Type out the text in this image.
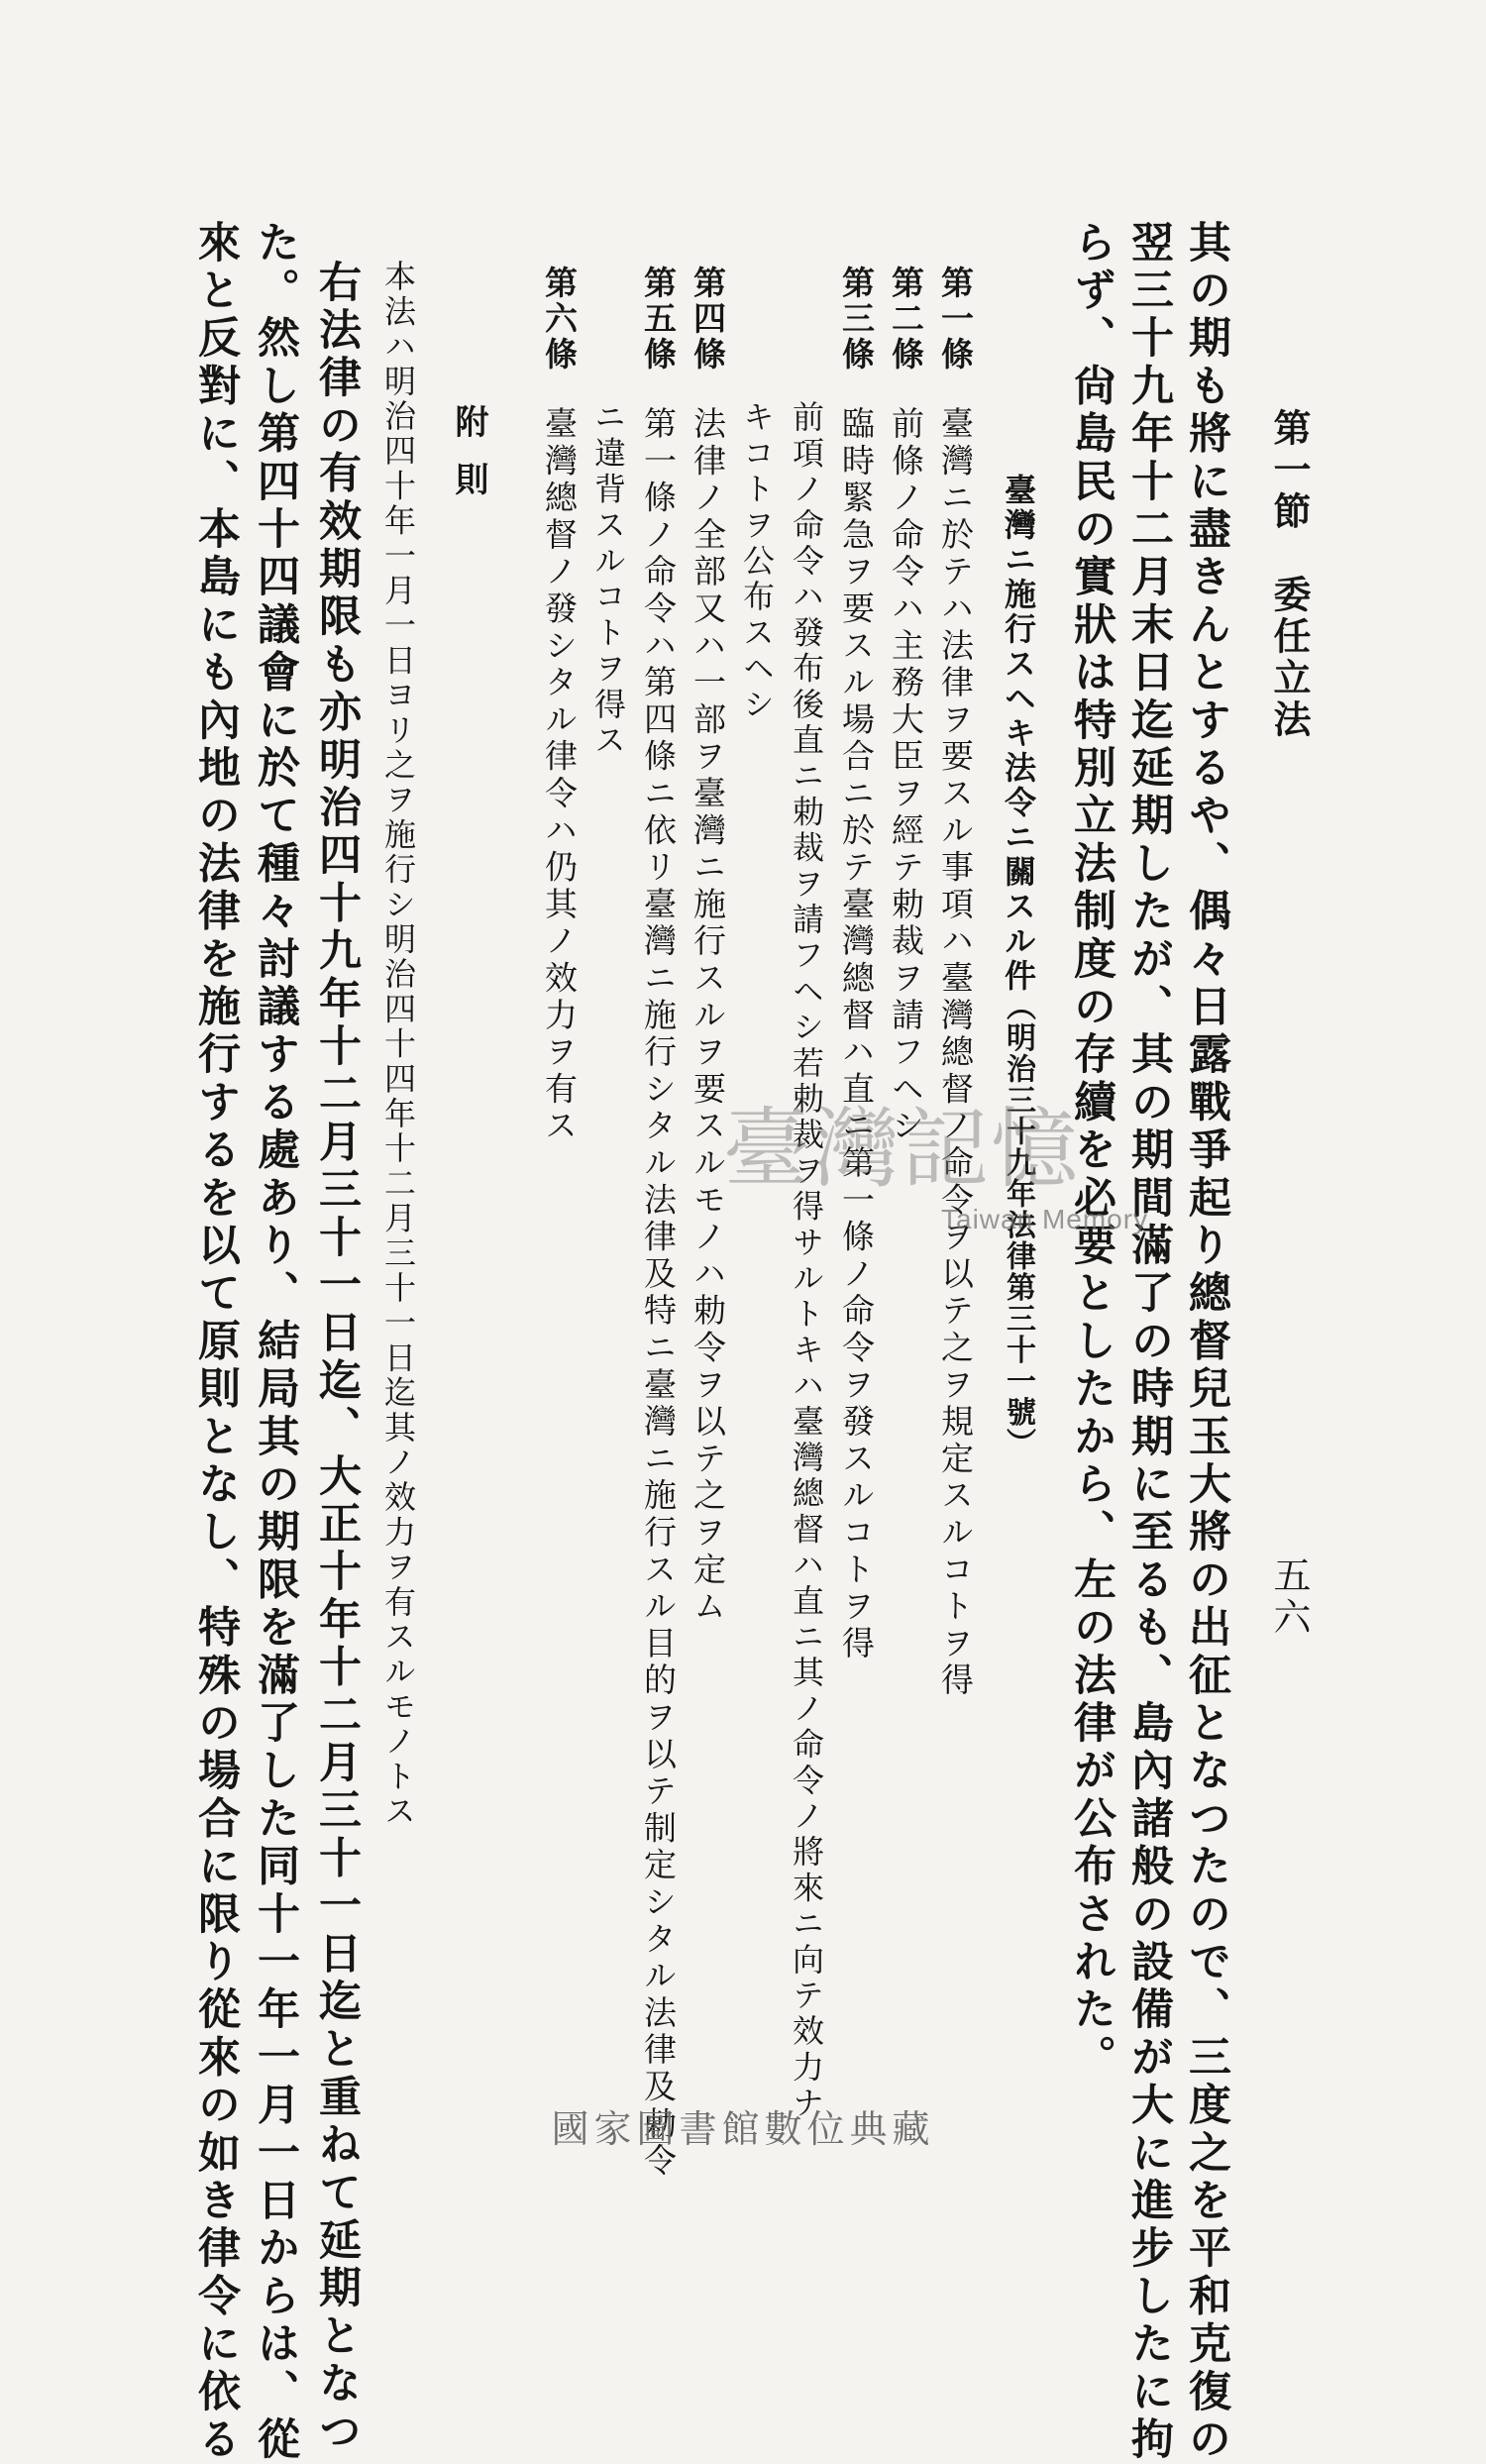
第一節　委任立法
五六
其の期も將に盡きんとするや、偶々日露戰爭起り總督兒玉大將の出征となつたので、三度之を平和克復の
翌三十九年十二月末日迄延期したが、其の期間滿了の時期に至るも、島內諸般の設備が大に進步したに拘
らず、尙島民の實狀は特別立法制度の存續を必要としたから、左の法律が公布された。
臺灣ニ施行スヘキ法令ニ關スル件
（明治三十九年法律第三十一號）
第一條臺灣ニ於テハ法律ヲ要スル事項ハ臺灣總督ノ命令ヲ以テ之ヲ規定スルコトヲ得
第二條前條ノ命令ハ主務大臣ヲ經テ勅裁ヲ請フヘシ
第三條臨時緊急ヲ要スル場合ニ於テ臺灣總督ハ直ニ第一條ノ命令ヲ發スルコトヲ得
前項ノ命令ハ發布後直ニ勅裁ヲ請フヘシ若勅裁ヲ得サルトキハ臺灣總督ハ直ニ其ノ命令ノ將來ニ向テ效力ナ
キコトヲ公布スヘシ
第四條法律ノ全部又ハ一部ヲ臺灣ニ施行スルヲ要スルモノハ勅令ヲ以テ之ヲ定ム
第五條第一條ノ命令ハ第四條ニ依リ臺灣ニ施行シタル法律及特ニ臺灣ニ施行スル目的ヲ以テ制定シタル法律及勅令
ニ違背スルコトヲ得ス
第六條臺灣總督ノ發シタル律令ハ仍其ノ效力ヲ有ス
附則
本法ハ明治四十年一月一日ヨリ之ヲ施行シ明治四十四年十二月三十一日迄其ノ效力ヲ有スルモノトス
右法律の有效期限も亦明治四十九年十二月三十一日迄、大正十年十二月三十一日迄と重ねて延期となつ
た。然し第四十四議會に於て種々討議する處あり、結局其の期限を滿了した同十一年一月一日からは、從
來と反對に、本島にも內地の法律を施行するを以て原則となし、特殊の場合に限り從來の如き律令に依る	臺灣記憶
Taiwan Memory
國家圖書館數位典藏
